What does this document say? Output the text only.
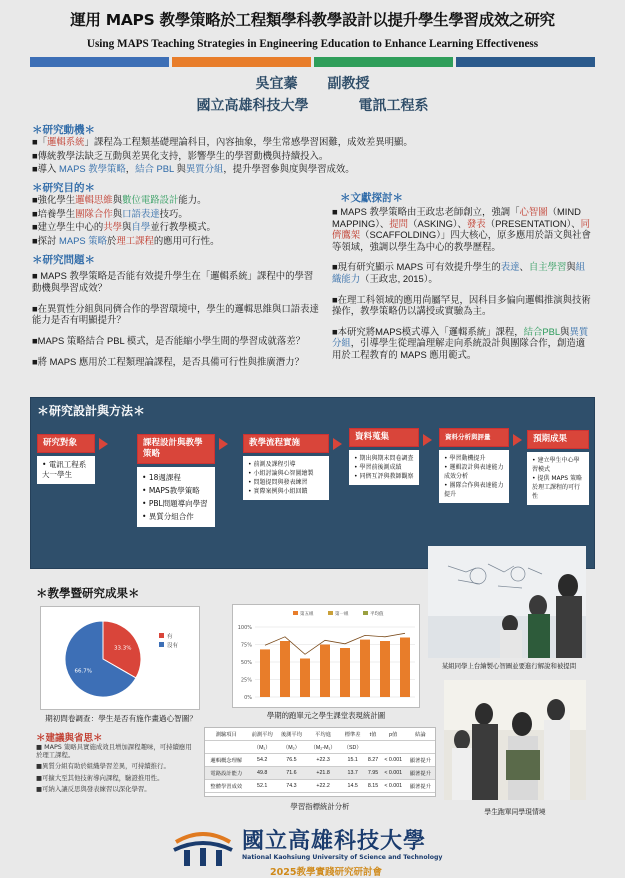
運用 MAPS 教學策略於工程類學科教學設計以提升學生學習成效之研究
Using MAPS Teaching Strategies in Engineering Education to Enhance Learning Effectiveness
吳宜蓁 副教授
國立高雄科技大學	電訊工程系
＊研究動機＊

■「邏輯系統」課程為工程類基礎理論科目，內容抽象，學生常感學習困難，成效差異明顯。

■傳統教學法缺乏互動與差異化支持，影響學生的學習動機與持續投入。

■導入 MAPS 教學策略，結合 PBL 與異質分組，提升學習參與度與學習成效。

＊研究目的＊

■強化學生邏輯思維與數位電路設計能力。

■培養學生團隊合作與口語表達技巧。

■建立學生中心的共學與自學並行教學模式。

■探討 MAPS 策略於理工課程的應用可行性。

＊研究問題＊

■ MAPS 教學策略是否能有效提升學生在「邏輯系統」課程中的學習動機與學習成效？

■在異質性分組與同儕合作的學習環境中，學生的邏輯思維與口語表達能力是否有明顯提升？

■MAPS 策略結合 PBL 模式，是否能縮小學生間的學習成就落差？

■將 MAPS 應用於工程類理論課程，是否具備可行性與推廣潛力？

＊文獻探討＊

■ MAPS 教學策略由王政忠老師創立，強調「心智圖（MIND MAPPING）、提問（ASKING）、發表（PRESENTATION）、同儕鷹架（SCAFFOLDING）」四大核心，原多應用於語文與社會等領域，強調以學生為中心的教學歷程。

■現有研究顯示 MAPS 可有效提升學生的表達、自主學習與組織能力（王政忠, 2015）。

■在理工科領域的應用尚屬罕見，因科目多偏向邏輯推演與技術操作，教學策略仍以講授或實驗為主。

■本研究將MAPS模式導入「邏輯系統」課程，結合PBL與異質分組，引導學生從理論理解走向系統設計與團隊合作，創造適用於工程教育的 MAPS 應用範式。

＊研究設計與方法＊
研究對象
• 電訊工程系大一學生
課程設計與教學策略
• 18週課程
• MAPS教學策略
• PBL問題導向學習
• 異質分組合作
教學流程實施
• 前測及課程引導
• 小組討論與心智圖繪製
• 問題提問與發表練習
• 實際案例與小組回饋
資料蒐集
• 期出與期末問卷調查
• 學習前後測成績
• 同儕互評與教師觀察
資料分析與評量
• 學習動機提升
• 邏輯設計與表達能力成效分析
• 團隊合作與表達能力提升
預期成果
• 建立學生中心學習模式
• 提供 MAPS 策略於理工課程的可行性
某組同學上台繪製心智圖並要進行解說和被提問
學生跑單同學現情境
＊教學暨研究成果＊
33.3%
66.7%
有
沒有
期初問卷調查：學生是否有施作畫過心智圖？
0%
25%
50%
75%
100%
第五組	第一組	平均值
學期的跑單元之學生課堂表現統計圖
測驗項目	前測平均	後測平均	平均進	標準差	t值	p值	結論
	（M₁）	（M₂）	（M₂-M₁）	（SD）			
邏輯概念理解	54.2	76.5	+22.3	15.1	8.27	< 0.001	顯著提升
電路設計能力	49.8	71.6	+21.8	13.7	7.95	< 0.001	顯著提升
整體學習成效	52.1	74.3	+22.2	14.5	8.15	< 0.001	顯著提升
學習指標統計分析
＊建議與省思＊

■ MAPS 策略具實施成效且增加課程趣味，可持續應用於理工課程。

■異質分組有助於組織學習差異，可持續推行。

■可擴大至其他技術導向課程，驗證推用性。

■可納入讓反思與發表練習以深化學習。

國立高雄科技大學
National Kaohsiung University of Science and Technology
2025教學實踐研究研討會
